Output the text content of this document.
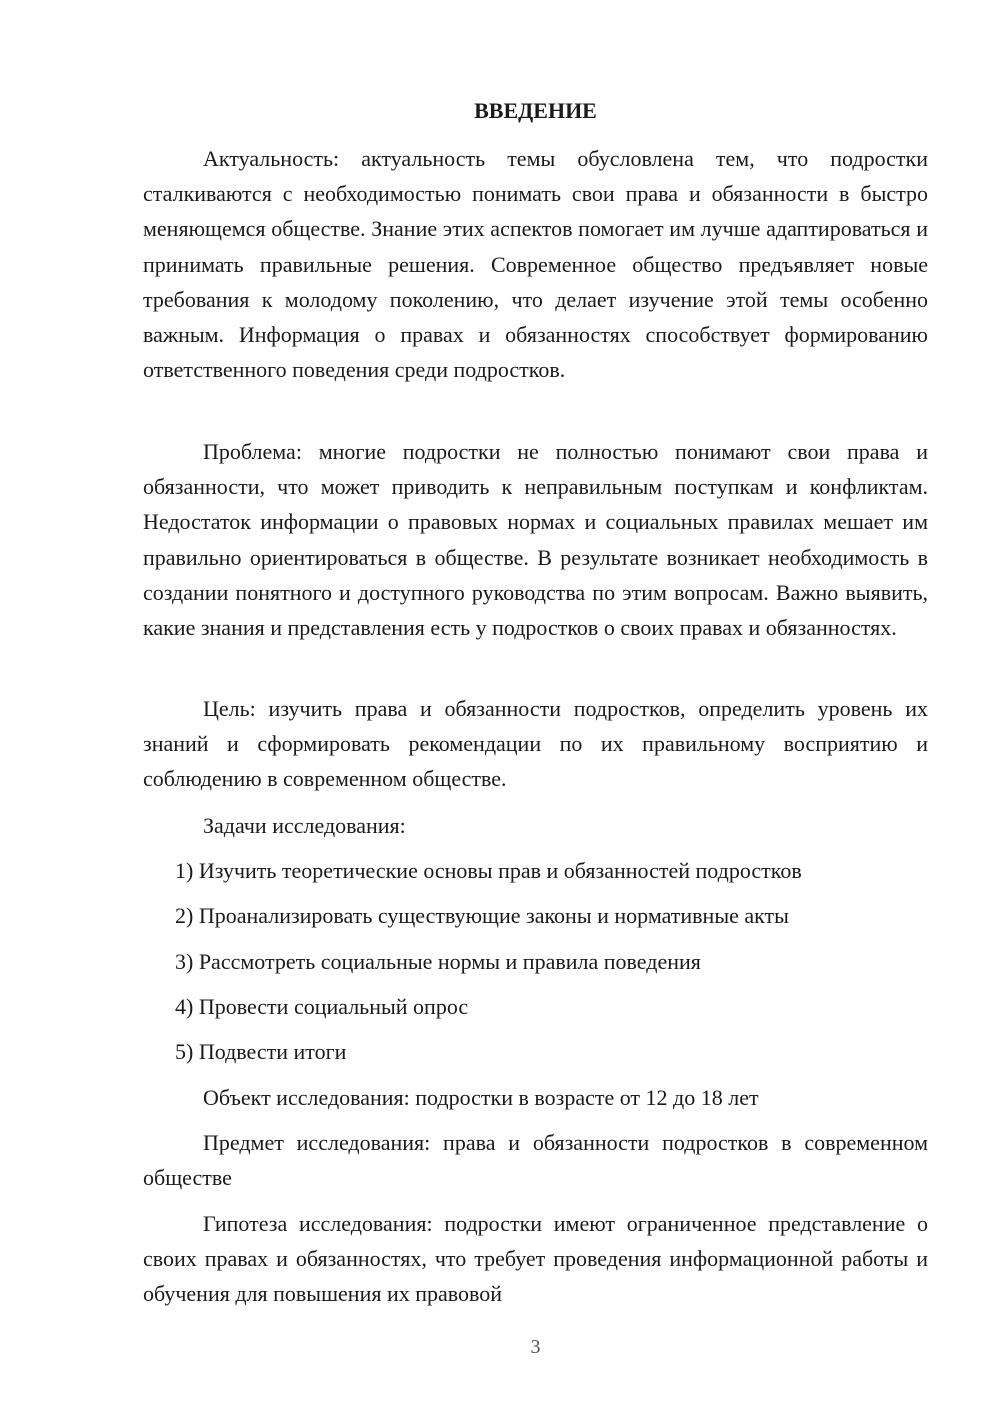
ВВЕДЕНИЕ

Актуальность: актуальность темы обусловлена тем, что подростки сталкиваются с необходимостью понимать свои права и обязанности в быстро меняющемся обществе. Знание этих аспектов помогает им лучше адаптироваться и принимать правильные решения. Современное общество предъявляет новые требования к молодому поколению, что делает изучение этой темы особенно важным. Информация о правах и обязанностях способствует формированию ответственного поведения среди подростков.

Проблема: многие подростки не полностью понимают свои права и обязанности, что может приводить к неправильным поступкам и конфликтам. Недостаток информации о правовых нормах и социальных правилах мешает им правильно ориентироваться в обществе. В результате возникает необходимость в создании понятного и доступного руководства по этим вопросам. Важно выявить, какие знания и представления есть у подростков о своих правах и обязанностях.

Цель: изучить права и обязанности подростков, определить уровень их знаний и сформировать рекомендации по их правильному восприятию и соблюдению в современном обществе.

Задачи исследования:
1) Изучить теоретические основы прав и обязанностей подростков
2) Проанализировать существующие законы и нормативные акты
3) Рассмотреть социальные нормы и правила поведения
4) Провести социальный опрос
5) Подвести итоги
Объект исследования: подростки в возрасте от 12 до 18 лет

Предмет исследования: права и обязанности подростков в современном обществе

Гипотеза исследования: подростки имеют ограниченное представление о своих правах и обязанностях, что требует проведения информационной работы и обучения для повышения их правовой

3
